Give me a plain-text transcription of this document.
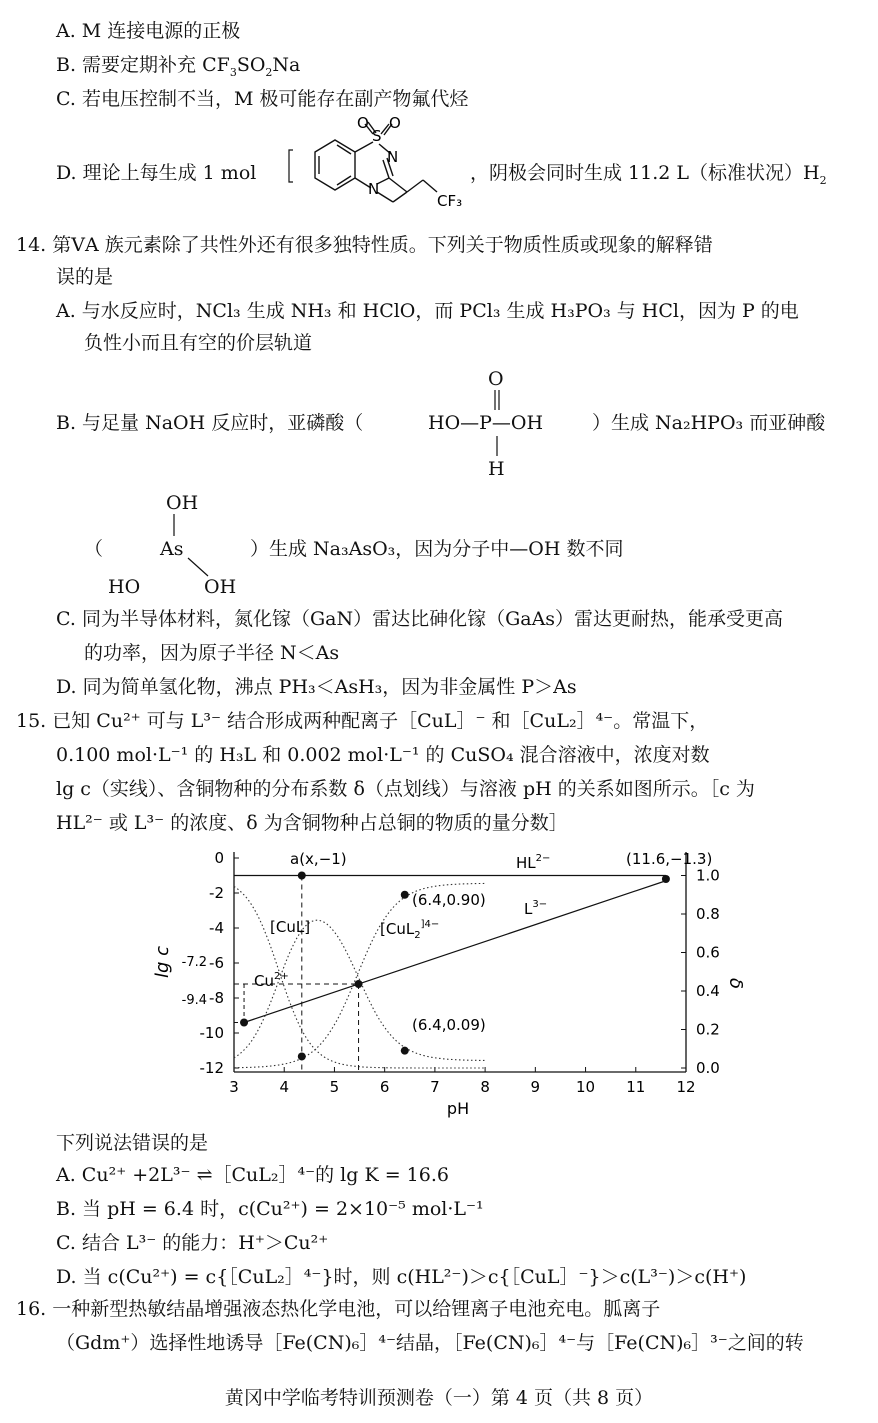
A. M 连接电源的正极
B. 需要定期补充 $CF_3SO_2Na$
C. 若电压控制不当，M 极可能存在副产物氟代烃
D. 理论上每生成 1 mol
S
O O
N
N
CF₃
，阴极会同时生成 11.2 L（标准状况）$H_2$
14. 第ⅤA 族元素除了共性外还有很多独特性质。下列关于物质性质或现象的解释错
误的是
A. 与水反应时，NCl₃ 生成 NH₃ 和 HClO，而 PCl₃ 生成 H₃PO₃ 与 HCl，因为 P 的电
负性小而且有空的价层轨道
B. 与足量 NaOH 反应时，亚磷酸（	HO—P—OH
O
H
）生成 Na₂HPO₃ 而亚砷酸
OH
（	As
HO	OH
）生成 Na₃AsO₃，因为分子中—OH 数不同
C. 同为半导体材料，氮化镓（GaN）雷达比砷化镓（GaAs）雷达更耐热，能承受更高
的功率，因为原子半径 N＜As
D. 同为简单氢化物，沸点 PH₃＜AsH₃，因为非金属性 P＞As
15. 已知 Cu²⁺ 可与 L³⁻ 结合形成两种配离子［CuL］⁻ 和［CuL₂］⁴⁻。常温下，
0.100 mol·L⁻¹ 的 H₃L 和 0.002 mol·L⁻¹ 的 CuSO₄ 混合溶液中，浓度对数
lg c（实线）、含铜物种的分布系数 δ（点划线）与溶液 pH 的关系如图所示。［c 为
HL²⁻ 或 L³⁻ 的浓度、δ 为含铜物种占总铜的物质的量分数］
3	4	5	6	7	8	9 10 11 12
0
-2
-4
-6
-8
-10
-12	0.0
0.2
0.4
0.6
0.8
1.0
lg c
pH
δ
-7.2
-9.4
$HL^{2-}$
$L^{3-}$
[CuL]	[CuL$_2^{]4-}$
$Cu^{2+}$
a(x,−1)	(11.6,−1.3)
(6.4,0.90)
(6.4,0.09)
下列说法错误的是
A. Cu²⁺ +2L³⁻ ⇌［CuL₂］⁴⁻的 lg K = 16.6
B. 当 pH = 6.4 时，c(Cu²⁺) = 2×10⁻⁵ mol·L⁻¹
C. 结合 L³⁻ 的能力：H⁺＞Cu²⁺
D. 当 c(Cu²⁺) = c{［CuL₂］⁴⁻}时，则 c(HL²⁻)＞c{［CuL］⁻}＞c(L³⁻)＞c(H⁺)
16. 一种新型热敏结晶增强液态热化学电池，可以给锂离子电池充电。胍离子
（Gdm⁺）选择性地诱导［Fe(CN)₆］⁴⁻结晶，［Fe(CN)₆］⁴⁻与［Fe(CN)₆］³⁻之间的转
黄冈中学临考特训预测卷（一）第 4 页（共 8 页）
